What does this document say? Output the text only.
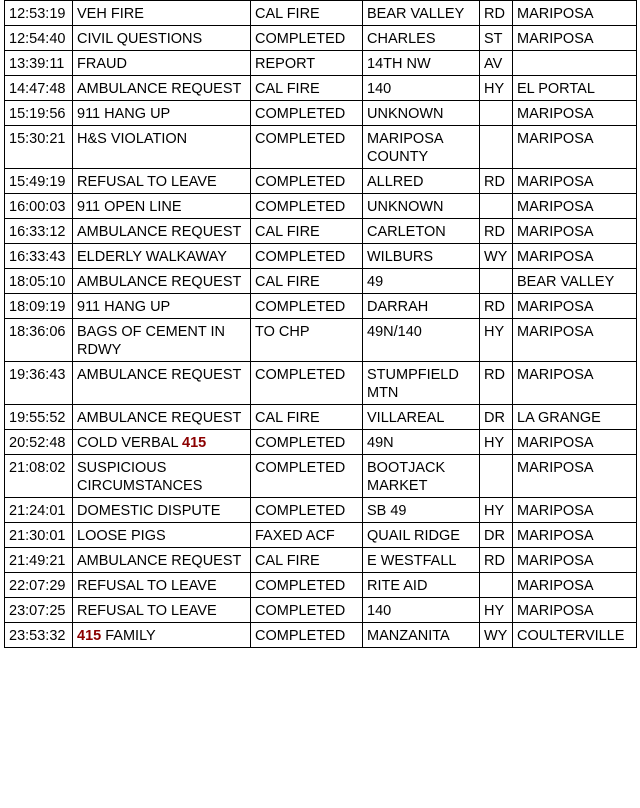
12:53:19	VEH FIRE	CAL FIRE	BEAR VALLEY	RD	MARIPOSA
12:54:40	CIVIL QUESTIONS	COMPLETED	CHARLES	ST	MARIPOSA
13:39:11	FRAUD	REPORT	14TH NW	AV	
14:47:48	AMBULANCE REQUEST	CAL FIRE	140	HY	EL PORTAL
15:19:56	911 HANG UP	COMPLETED	UNKNOWN		MARIPOSA
15:30:21	H&S VIOLATION	COMPLETED	MARIPOSA COUNTY		MARIPOSA
15:49:19	REFUSAL TO LEAVE	COMPLETED	ALLRED	RD	MARIPOSA
16:00:03	911 OPEN LINE	COMPLETED	UNKNOWN		MARIPOSA
16:33:12	AMBULANCE REQUEST	CAL FIRE	CARLETON	RD	MARIPOSA
16:33:43	ELDERLY WALKAWAY	COMPLETED	WILBURS	WY	MARIPOSA
18:05:10	AMBULANCE REQUEST	CAL FIRE	49		BEAR VALLEY
18:09:19	911 HANG UP	COMPLETED	DARRAH	RD	MARIPOSA
18:36:06	BAGS OF CEMENT IN RDWY	TO CHP	49N/140	HY	MARIPOSA
19:36:43	AMBULANCE REQUEST	COMPLETED	STUMPFIELD MTN	RD	MARIPOSA
19:55:52	AMBULANCE REQUEST	CAL FIRE	VILLAREAL	DR	LA GRANGE
20:52:48	COLD VERBAL 415	COMPLETED	49N	HY	MARIPOSA
21:08:02	SUSPICIOUS CIRCUMSTANCES	COMPLETED	BOOTJACK MARKET		MARIPOSA
21:24:01	DOMESTIC DISPUTE	COMPLETED	SB 49	HY	MARIPOSA
21:30:01	LOOSE PIGS	FAXED ACF	QUAIL RIDGE	DR	MARIPOSA
21:49:21	AMBULANCE REQUEST	CAL FIRE	E WESTFALL	RD	MARIPOSA
22:07:29	REFUSAL TO LEAVE	COMPLETED	RITE AID		MARIPOSA
23:07:25	REFUSAL TO LEAVE	COMPLETED	140	HY	MARIPOSA
23:53:32	415 FAMILY	COMPLETED	MANZANITA	WY	COULTERVILLE
